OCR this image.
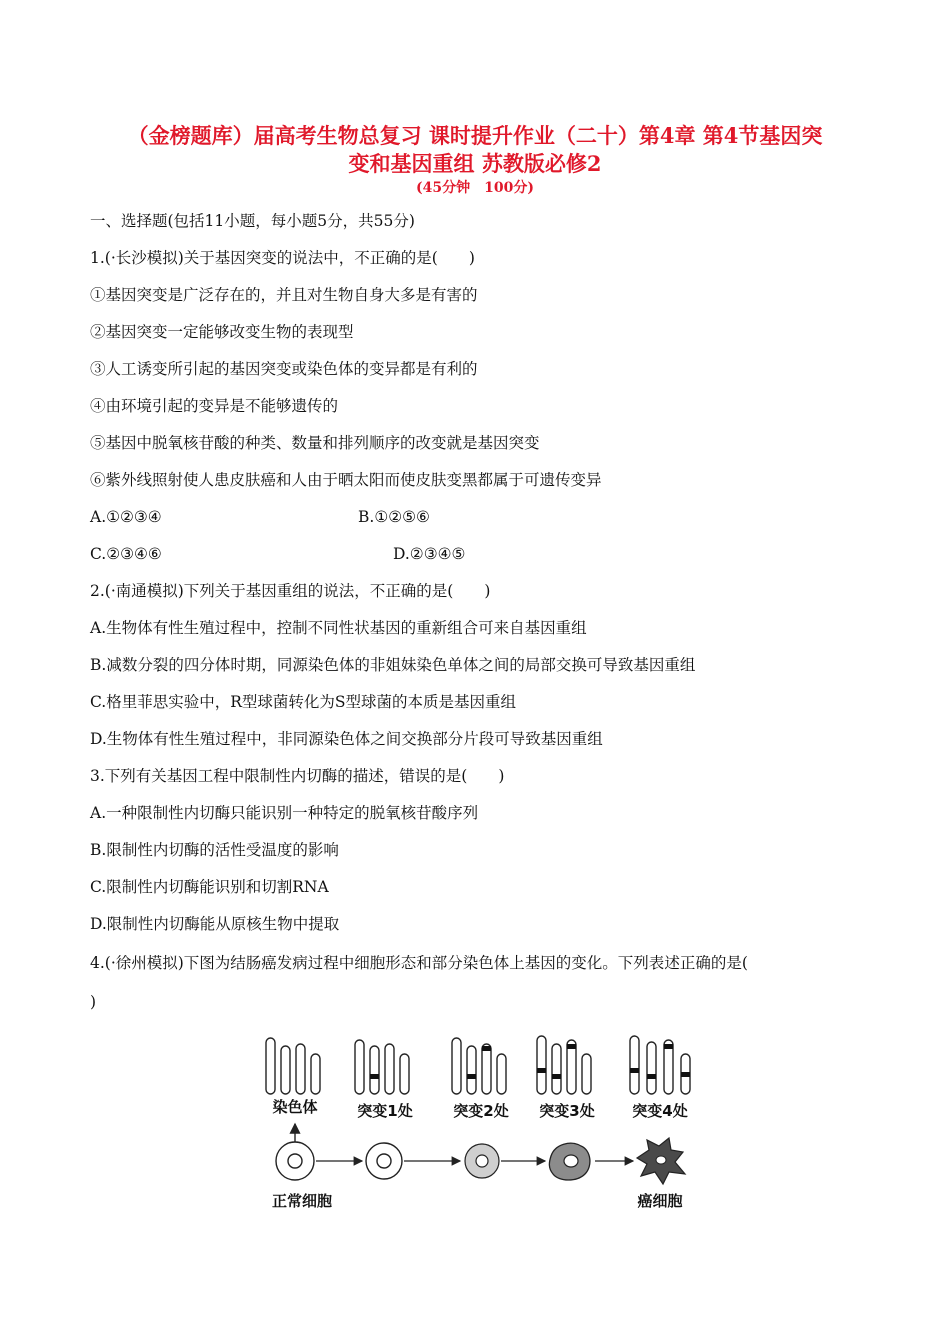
（金榜题库）届高考生物总复习 课时提升作业（二十）第4章 第4节基因突
变和基因重组 苏教版必修2
(45分钟　100分)
一、选择题(包括11小题，每小题5分，共55分)
1.(·长沙模拟)关于基因突变的说法中，不正确的是(　　)
①基因突变是广泛存在的，并且对生物自身大多是有害的
②基因突变一定能够改变生物的表现型
③人工诱变所引起的基因突变或染色体的变异都是有利的
④由环境引起的变异是不能够遗传的
⑤基因中脱氧核苷酸的种类、数量和排列顺序的改变就是基因突变
⑥紫外线照射使人患皮肤癌和人由于晒太阳而使皮肤变黑都属于可遗传变异
A.①②③④	B.①②⑤⑥
C.②③④⑥	D.②③④⑤
2.(·南通模拟)下列关于基因重组的说法，不正确的是(　　)
A.生物体有性生殖过程中，控制不同性状基因的重新组合可来自基因重组
B.减数分裂的四分体时期，同源染色体的非姐妹染色单体之间的局部交换可导致基因重组
C.格里菲思实验中，R型球菌转化为S型球菌的本质是基因重组
D.生物体有性生殖过程中，非同源染色体之间交换部分片段可导致基因重组
3.下列有关基因工程中限制性内切酶的描述，错误的是(　　)
A.一种限制性内切酶只能识别一种特定的脱氧核苷酸序列
B.限制性内切酶的活性受温度的影响
C.限制性内切酶能识别和切割RNA
D.限制性内切酶能从原核生物中提取
4.(·徐州模拟)下图为结肠癌发病过程中细胞形态和部分染色体上基因的变化。下列表述正确的是(
)
染色体	突变1处	突变2处 突变3处	突变4处
正常细胞	癌细胞
